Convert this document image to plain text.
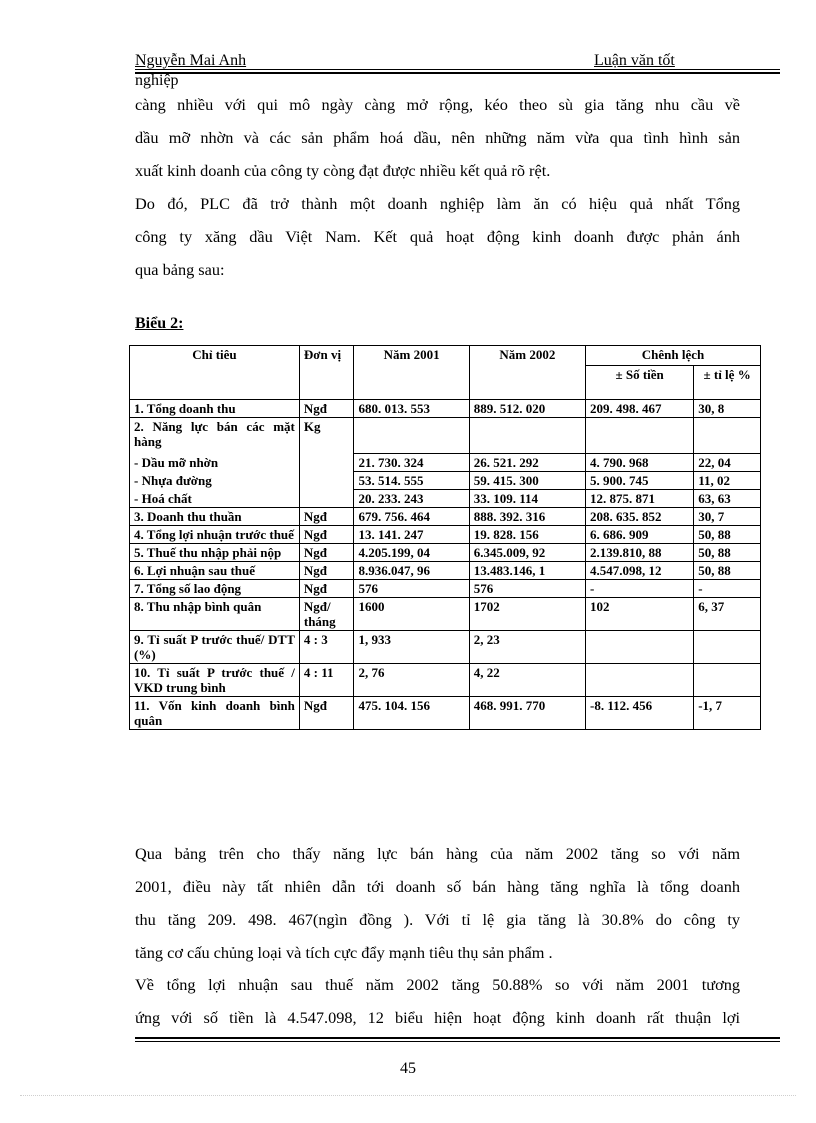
Nguyễn Mai Anh	Luận văn tốt
nghiệp
càng nhiều với qui mô ngày càng mở rộng, kéo theo sù gia tăng nhu cầu về
dầu mỡ nhờn và các sản phẩm hoá dầu, nên những năm vừa qua tình hình sản
xuất kinh doanh của công ty còng đạt được nhiều kết quả rõ rệt.
Do đó, PLC đã trở thành một doanh nghiệp làm ăn có hiệu quả nhất Tổng
công ty xăng dầu Việt Nam. Kết quả hoạt động kinh doanh được phản ánh
qua bảng sau:
Biểu 2:
Chỉ tiêu	Đơn vị	Năm 2001	Năm 2002	Chênh lệch	
				± Số tiền	± tỉ lệ %
1. Tổng doanh thu	Ngđ	680. 013. 553	889. 512. 020	209. 498. 467	30, 8
2. Năng lực bán các mặt hàng	Kg				
- Dầu mỡ nhờn		21. 730. 324	26. 521. 292	4. 790. 968	22, 04
- Nhựa đường		53. 514. 555	59. 415. 300	5. 900. 745	11, 02
- Hoá chất		20. 233. 243	33. 109. 114	12. 875. 871	63, 63
3. Doanh thu thuần	Ngđ	679. 756. 464	888. 392. 316	208. 635. 852	30, 7
4. Tổng lợi nhuận trước thuế	Ngđ	13. 141. 247	19. 828. 156	6. 686. 909	50, 88
5. Thuế thu nhập phải nộp	Ngđ	4.205.199, 04	6.345.009, 92	2.139.810, 88	50, 88
6. Lợi nhuận sau thuế	Ngđ	8.936.047, 96	13.483.146, 1	4.547.098, 12	50, 88
7. Tổng số lao động	Ngđ	576	576	-	-
8. Thu nhập bình quân	Ngđ/ tháng	1600	1702	102	6, 37
9. Tỉ suất P trước thuế/ DTT (%)	4 : 3	1, 933	2, 23		
10. Tỉ suất P trước thuế / VKD trung bình	4 : 11	2, 76	4, 22		
11. Vốn kinh doanh bình quân	Ngđ	475. 104. 156	468. 991. 770	-8. 112. 456	-1, 7
Qua bảng trên cho thấy năng lực bán hàng của năm 2002 tăng so với năm
2001, điều này tất nhiên dẫn tới doanh số bán hàng tăng nghĩa là tổng doanh
thu tăng 209. 498. 467(ngìn đồng ). Với tỉ lệ gia tăng là 30.8% do công ty
tăng cơ cấu chủng loại và tích cực đẩy mạnh tiêu thụ sản phẩm .
Về tổng lợi nhuận sau thuế năm 2002 tăng 50.88% so với năm 2001 tương
ứng với số tiền là 4.547.098, 12 biểu hiện hoạt động kinh doanh rất thuận lợi
45
